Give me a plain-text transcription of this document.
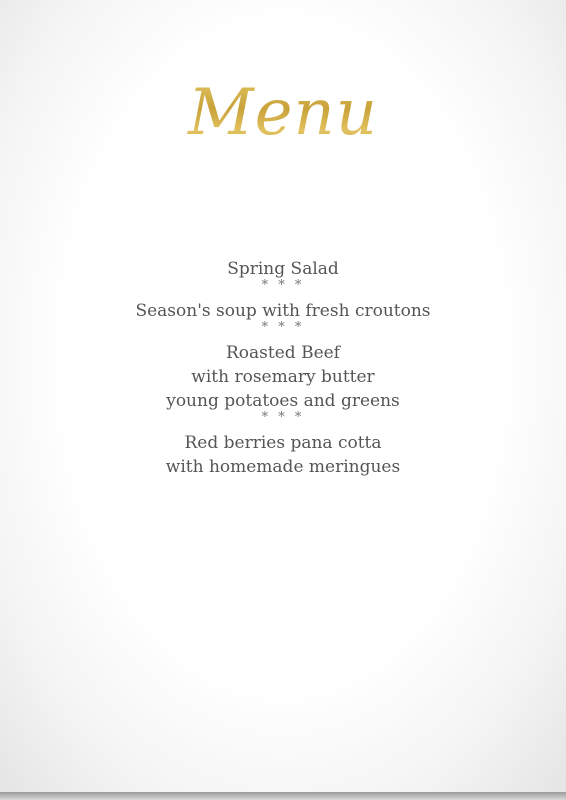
Menu
Spring Salad
* * *
Season's soup with fresh croutons
* * *
Roasted Beef
with rosemary butter
young potatoes and greens
* * *
Red berries pana cotta
with homemade meringues
